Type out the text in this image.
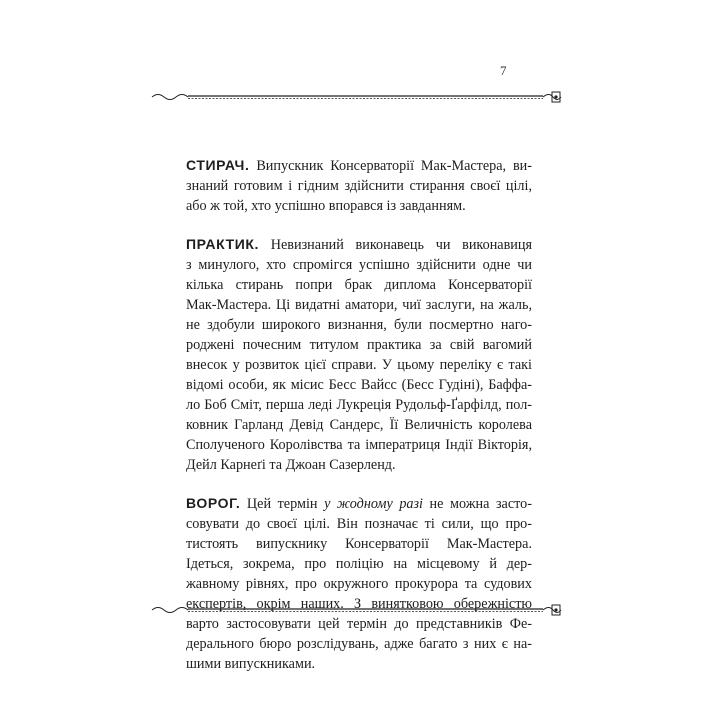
7
СТИРАЧ. Випускник Консерваторії Мак-Мастера, ви-
знаний готовим і гідним здійснити стирання своєї цілі,
або ж той, хто успішно впорався із завданням.
ПРАКТИК. Невизнаний виконавець чи виконавиця
з минулого, хто спромігся успішно здійснити одне чи
кілька стирань попри брак диплома Консерваторії
Мак-Мастера. Ці видатні аматори, чиї заслуги, на жаль,
не здобули широкого визнання, були посмертно наго-
роджені почесним титулом практика за свій вагомий
внесок у розвиток цієї справи. У цьому переліку є такі
відомі особи, як місис Бесс Вайсс (Бесс Гудіні), Баффа-
ло Боб Сміт, перша леді Лукреція Рудольф-Ґарфілд, пол-
ковник Гарланд Девід Сандерс, Її Величність королева
Сполученого Королівства та імператриця Індії Вікторія,
Дейл Карнеґі та Джоан Сазерленд.
ВОРОГ. Цей термін у жодному разі не можна засто-
совувати до своєї цілі. Він позначає ті сили, що про-
тистоять випускнику Консерваторії Мак-Мастера.
Ідеться, зокрема, про поліцію на місцевому й дер-
жавному рівнях, про окружного прокурора та судових
експертів, окрім наших. З винятковою обережністю
варто застосовувати цей термін до представників Фе-
дерального бюро розслідувань, адже багато з них є на-
шими випускниками.
